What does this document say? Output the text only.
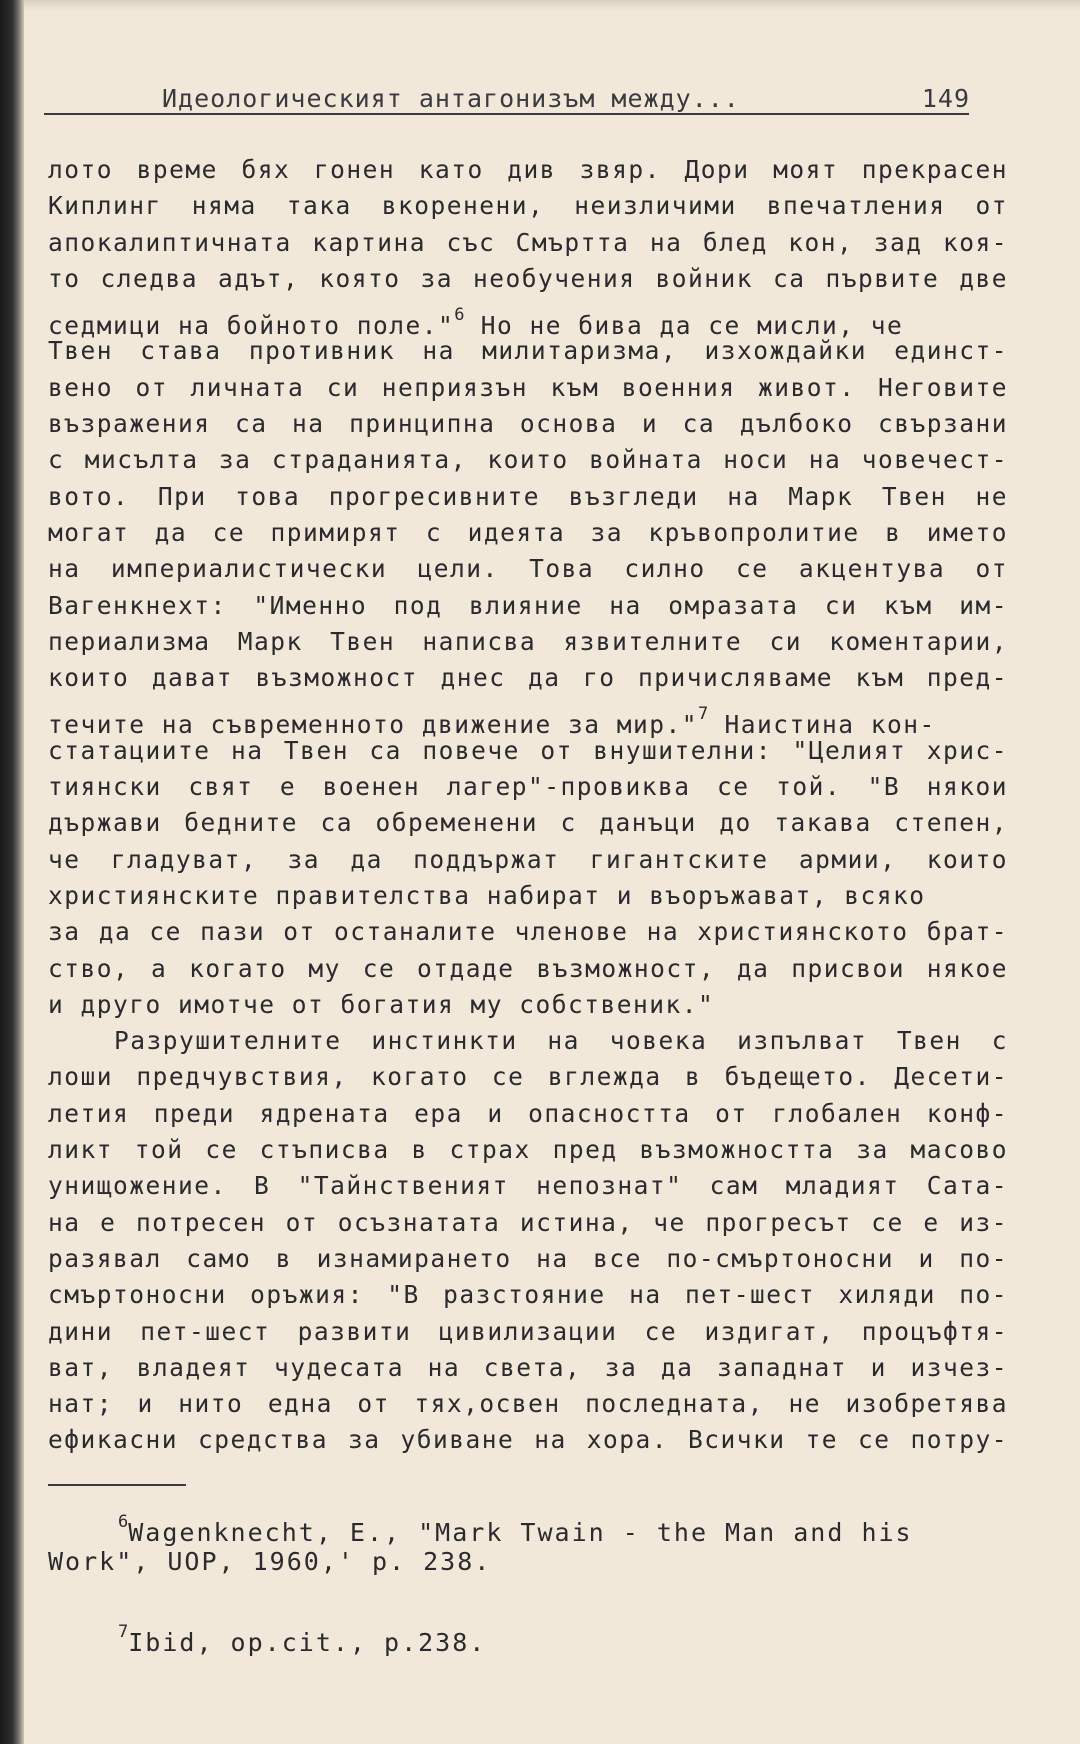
Идеологическият антагонизъм между...	149
лото време бях гонен като див звяр. Дори моят прекрасен
Киплинг няма така вкоренени, неизличими впечатления от
апокалиптичната картина със Смъртта на блед кон, зад коя-
то следва адът, която за необучения войник са първите две
седмици на бойното поле."$^6$ Но не бива да се мисли, че
Твен става противник на милитаризма, изхождайки единст-
вено от личната си неприязън към военния живот. Неговите
възражения са на принципна основа и са дълбоко свързани
с мисълта за страданията, които войната носи на човечест-
вото. При това прогресивните възгледи на Марк Твен не
могат да се примирят с идеята за кръвопролитие в името
на империалистически цели. Това силно се акцентува от
Вагенкнехт: "Именно под влияние на омразата си към им-
периализма Марк Твен написва язвителните си коментарии,
които дават възможност днес да го причисляваме към пред-
течите на съвременното движение за мир."$^7$ Наистина кон-
статациите на Твен са повече от внушителни: "Целият хрис-
тиянски свят е военен лагер"-провиква се той. "В някои
държави бедните са обременени с данъци до такава степен,
че гладуват, за да поддържат гигантските армии, които
християнските правителства набират и въоръжават, всяко
за да се пази от останалите членове на християнското брат-
ство, а когато му се отдаде възможност, да присвои някое
и друго имотче от богатия му собственик."
Разрушителните инстинкти на човека изпълват Твен с
лоши предчувствия, когато се вглежда в бъдещето. Десети-
летия преди ядрената ера и опасността от глобален конф-
ликт той се стъписва в страх пред възможността за масово
унищожение. В "Тайнственият непознат" сам младият Сата-
на е потресен от осъзнатата истина, че прогресът се е из-
разявал само в изнамирането на все по-смъртоносни и по-
смъртоносни оръжия: "В разстояние на пет-шест хиляди по-
дини пет-шест развити цивилизации се издигат, процъфтя-
ват, владеят чудесата на света, за да западнат и изчез-
нат; и нито една от тях,освен последната, не изобретява
ефикасни средства за убиване на хора. Всички те се потру-
$^6$Wagenknecht, E., "Mark Twain - the Man and his
Work", UOP, 1960,' p. 238.
$^7$Ibid, op.cit., p.238.
